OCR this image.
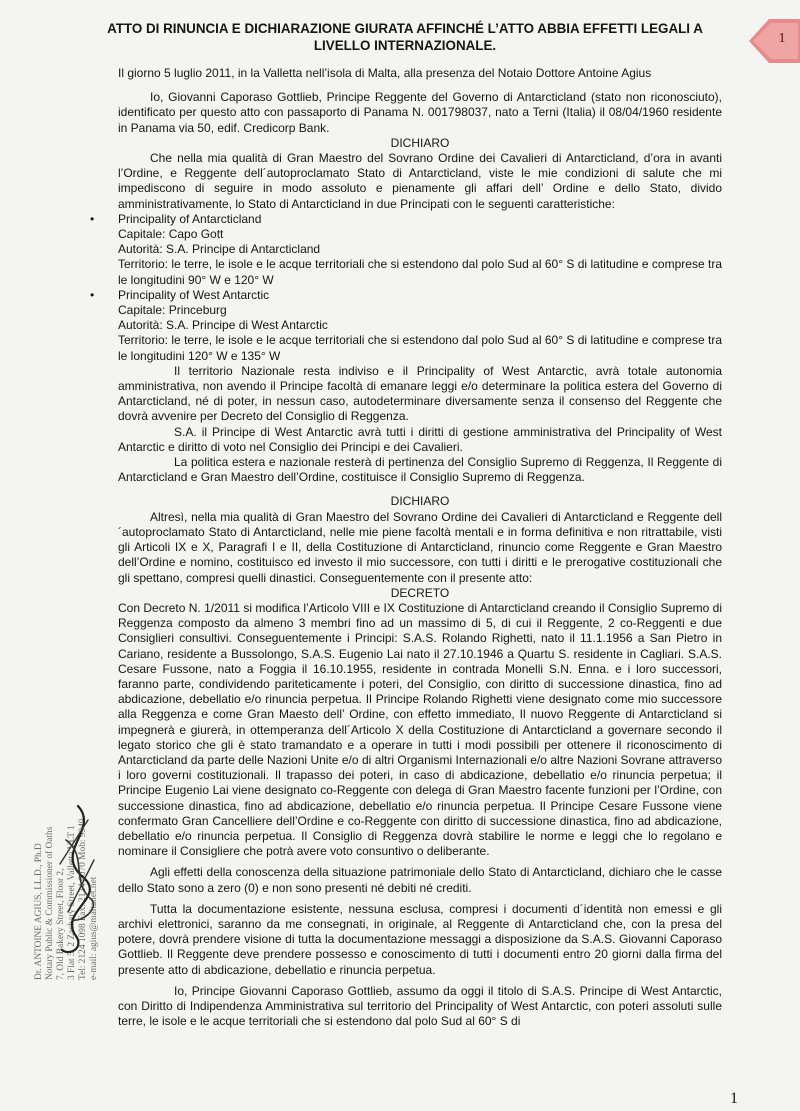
ATTO DI RINUNCIA E DICHIARAZIONE GIURATA AFFINCHÉ L’ATTO ABBIA EFFETTI LEGALI A LIVELLO INTERNAZIONALE.	1

Il giorno 5 luglio 2011, in la Valletta nell’isola di Malta, alla presenza del Notaio Dottore Antoine Agius

Io, Giovanni Caporaso Gottlieb, Principe Reggente del Governo di Antarcticland (stato non riconosciuto), identificato per questo atto con passaporto di Panama N. 001798037, nato a Terni (Italia) il 08/04/1960 residente in Panama via 50, edif. Credicorp Bank.

DICHIARO

Che nella mia qualità di Gran Maestro del Sovrano Ordine dei Cavalieri di Antarcticland, d’ora in avanti l’Ordine, e Reggente dell´autoproclamato Stato di Antarcticland, viste le mie condizioni di salute che mi impediscono di seguire in modo assoluto e pienamente gli affari dell’ Ordine e dello Stato, divido amministrativamente, lo Stato di Antarcticland in due Principati con le seguenti caratteristiche:

• Principality of Antarcticland

Capitale: Capo Gott

Autorità: S.A. Principe di Antarcticland

Territorio: le terre, le isole e le acque territoriali che si estendono dal polo Sud al 60° S di latitudine e comprese tra le longitudini 90° W e 120° W

• Principality of West Antarctic

Capitale: Princeburg

Autorità: S.A. Principe di West Antarctic

Territorio: le terre, le isole e le acque territoriali che si estendono dal polo Sud al 60° S di latitudine e comprese tra le longitudini 120° W e 135° W

Il territorio Nazionale resta indiviso e il Principality of West Antarctic, avrà totale autonomia amministrativa, non avendo il Principe facoltà di emanare leggi e/o determinare la politica estera del Governo di Antarcticland, né di poter, in nessun caso, autodeterminare diversamente senza il consenso del Reggente che dovrà avvenire per Decreto del Consiglio di Reggenza.

S.A. il Principe di West Antarctic avrà tutti i diritti di gestione amministrativa del Principality of West Antarctic e diritto di voto nel Consiglio dei Principi e dei Cavalieri.

La politica estera e nazionale resterà di pertinenza del Consiglio Supremo di Reggenza, Il Reggente di Antarcticland e Gran Maestro dell’Ordine, costituisce il Consiglio Supremo di Reggenza.

DICHIARO

Altresì, nella mia qualità di Gran Maestro del Sovrano Ordine dei Cavalieri di Antarcticland e Reggente dell´autoproclamato Stato di Antarcticland, nelle mie piene facoltà mentali e in forma definitiva e non ritrattabile, visti gli Articoli IX e X, Paragrafi I e II, della Costituzione di Antarcticland, rinuncio come Reggente e Gran Maestro dell’Ordine e nomino, costituisco ed investo il mio successore, con tutti i diritti e le prerogative costituzionali che gli spettano, compresi quelli dinastici. Conseguentemente con il presente atto:

DECRETO

Con Decreto N. 1/2011 si modifica l’Articolo VIII e IX Costituzione di Antarcticland creando il Consiglio Supremo di Reggenza composto da almeno 3 membri fino ad un massimo di 5, di cui il Reggente, 2 co-Reggenti e due Consiglieri consultivi. Conseguentemente i Principi: S.A.S. Rolando Righetti, nato il 11.1.1956 a San Pietro in Cariano, residente a Bussolongo, S.A.S. Eugenio Lai nato il 27.10.1946 a Quartu S. residente in Cagliari. S.A.S. Cesare Fussone, nato a Foggia il 16.10.1955, residente in contrada Monelli S.N. Enna. e i loro successori, faranno parte, condividendo pariteticamente i poteri, del Consiglio, con diritto di successione dinastica, fino ad abdicazione, debellatio e/o rinuncia perpetua. Il Principe Rolando Righetti viene designato come mio successore alla Reggenza e come Gran Maesto dell’ Ordine, con effetto immediato, Il nuovo Reggente di Antarcticland si impegnerà e giurerà, in ottemperanza dell´Articolo X della Costituzione di Antarcticland a governare secondo il legato storico che gli è stato tramandato e a operare in tutti i modi possibili per ottenere il riconoscimento di Antarcticland da parte delle Nazioni Unite e/o di altri Organismi Internazionali e/o altre Nazioni Sovrane attraverso i loro governi costituzionali. Il trapasso dei poteri, in caso di abdicazione, debellatio e/o rinuncia perpetua; il Principe Eugenio Lai viene designato co-Reggente con delega di Gran Maestro facente funzioni per l’Ordine, con successione dinastica, fino ad abdicazione, debellatio e/o rinuncia perpetua. Il Principe Cesare Fussone viene confermato Gran Cancelliere dell’Ordine e co-Reggente con diritto di successione dinastica, fino ad abdicazione, debellatio e/o rinuncia perpetua. Il Consiglio di Reggenza dovrà stabilire le norme e leggi che lo regolano e nominare il Consigliere che potrà avere voto consuntivo o deliberante.

Agli effetti della conoscenza della situazione patrimoniale dello Stato di Antarcticland, dichiaro che le casse dello Stato sono a zero (0) e non sono presenti né debiti né crediti.

Tutta la documentazione esistente, nessuna esclusa, compresi i documenti d´identità non emessi e gli archivi elettronici, saranno da me consegnati, in originale, al Reggente di Antarcticland che, con la presa del potere, dovrà prendere visione di tutta la documentazione messaggi a disposizione da S.A.S. Giovanni Caporaso Gottlieb. Il Reggente deve prendere possesso e conoscimento di tutti i documenti entro 20 giorni dalla firma del presente atto di abdicazione, debellatio e rinuncia perpetua.

Io, Principe Giovanni Caporaso Gottlieb, assumo da oggi il titolo di S.A.S. Principe di West Antarctic, con Diritto di Indipendenza Amministrativa sul territorio del Principality of West Antarctic, con poteri assoluti sulle terre, le isole e le acque territoriali che si estendono dal polo Sud al 60° S di

Dr. ANTOINE AGIUS, LL.D., Ph.D Notary Public & Commissioner of Oaths 7, Old Bakery Street, Floor 2, 3 Flat 5, 2 Zachary Street, Valletta VLT 1 Tel: 2124 1098 Fax: 2124 6070 Mob: 9949 e-mail: agius@maltanet.net
1
